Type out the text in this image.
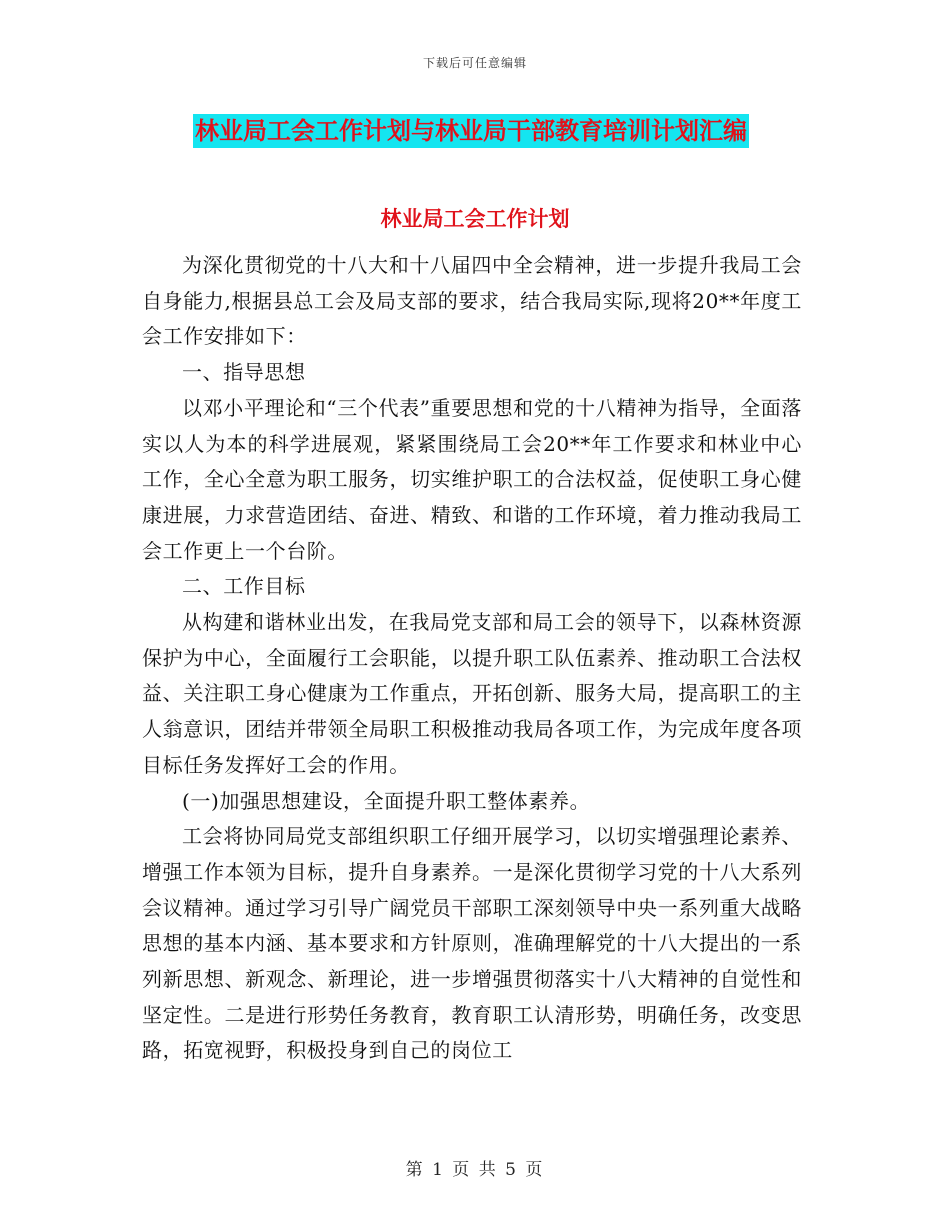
下载后可任意编辑
林业局工会工作计划与林业局干部教育培训计划汇编
林业局工会工作计划

为深化贯彻党的十八大和十八届四中全会精神，进一步提升我局工会自身能力,根据县总工会及局支部的要求，结合我局实际,现将20**年度工会工作安排如下：

一、指导思想

以邓小平理论和“三个代表”重要思想和党的十八精神为指导，全面落实以人为本的科学进展观，紧紧围绕局工会20**年工作要求和林业中心工作，全心全意为职工服务，切实维护职工的合法权益，促使职工身心健康进展，力求营造团结、奋进、精致、和谐的工作环境，着力推动我局工会工作更上一个台阶。

二、工作目标

从构建和谐林业出发，在我局党支部和局工会的领导下，以森林资源保护为中心，全面履行工会职能，以提升职工队伍素养、推动职工合法权益、关注职工身心健康为工作重点，开拓创新、服务大局，提高职工的主人翁意识，团结并带领全局职工积极推动我局各项工作，为完成年度各项目标任务发挥好工会的作用。

(一)加强思想建设，全面提升职工整体素养。

工会将协同局党支部组织职工仔细开展学习，以切实增强理论素养、增强工作本领为目标，提升自身素养。一是深化贯彻学习党的十八大系列会议精神。通过学习引导广阔党员干部职工深刻领导中央一系列重大战略思想的基本内涵、基本要求和方针原则，准确理解党的十八大提出的一系列新思想、新观念、新理论，进一步增强贯彻落实十八大精神的自觉性和坚定性。二是进行形势任务教育，教育职工认清形势，明确任务，改变思路，拓宽视野，积极投身到自己的岗位工

第 1 页 共 5 页
